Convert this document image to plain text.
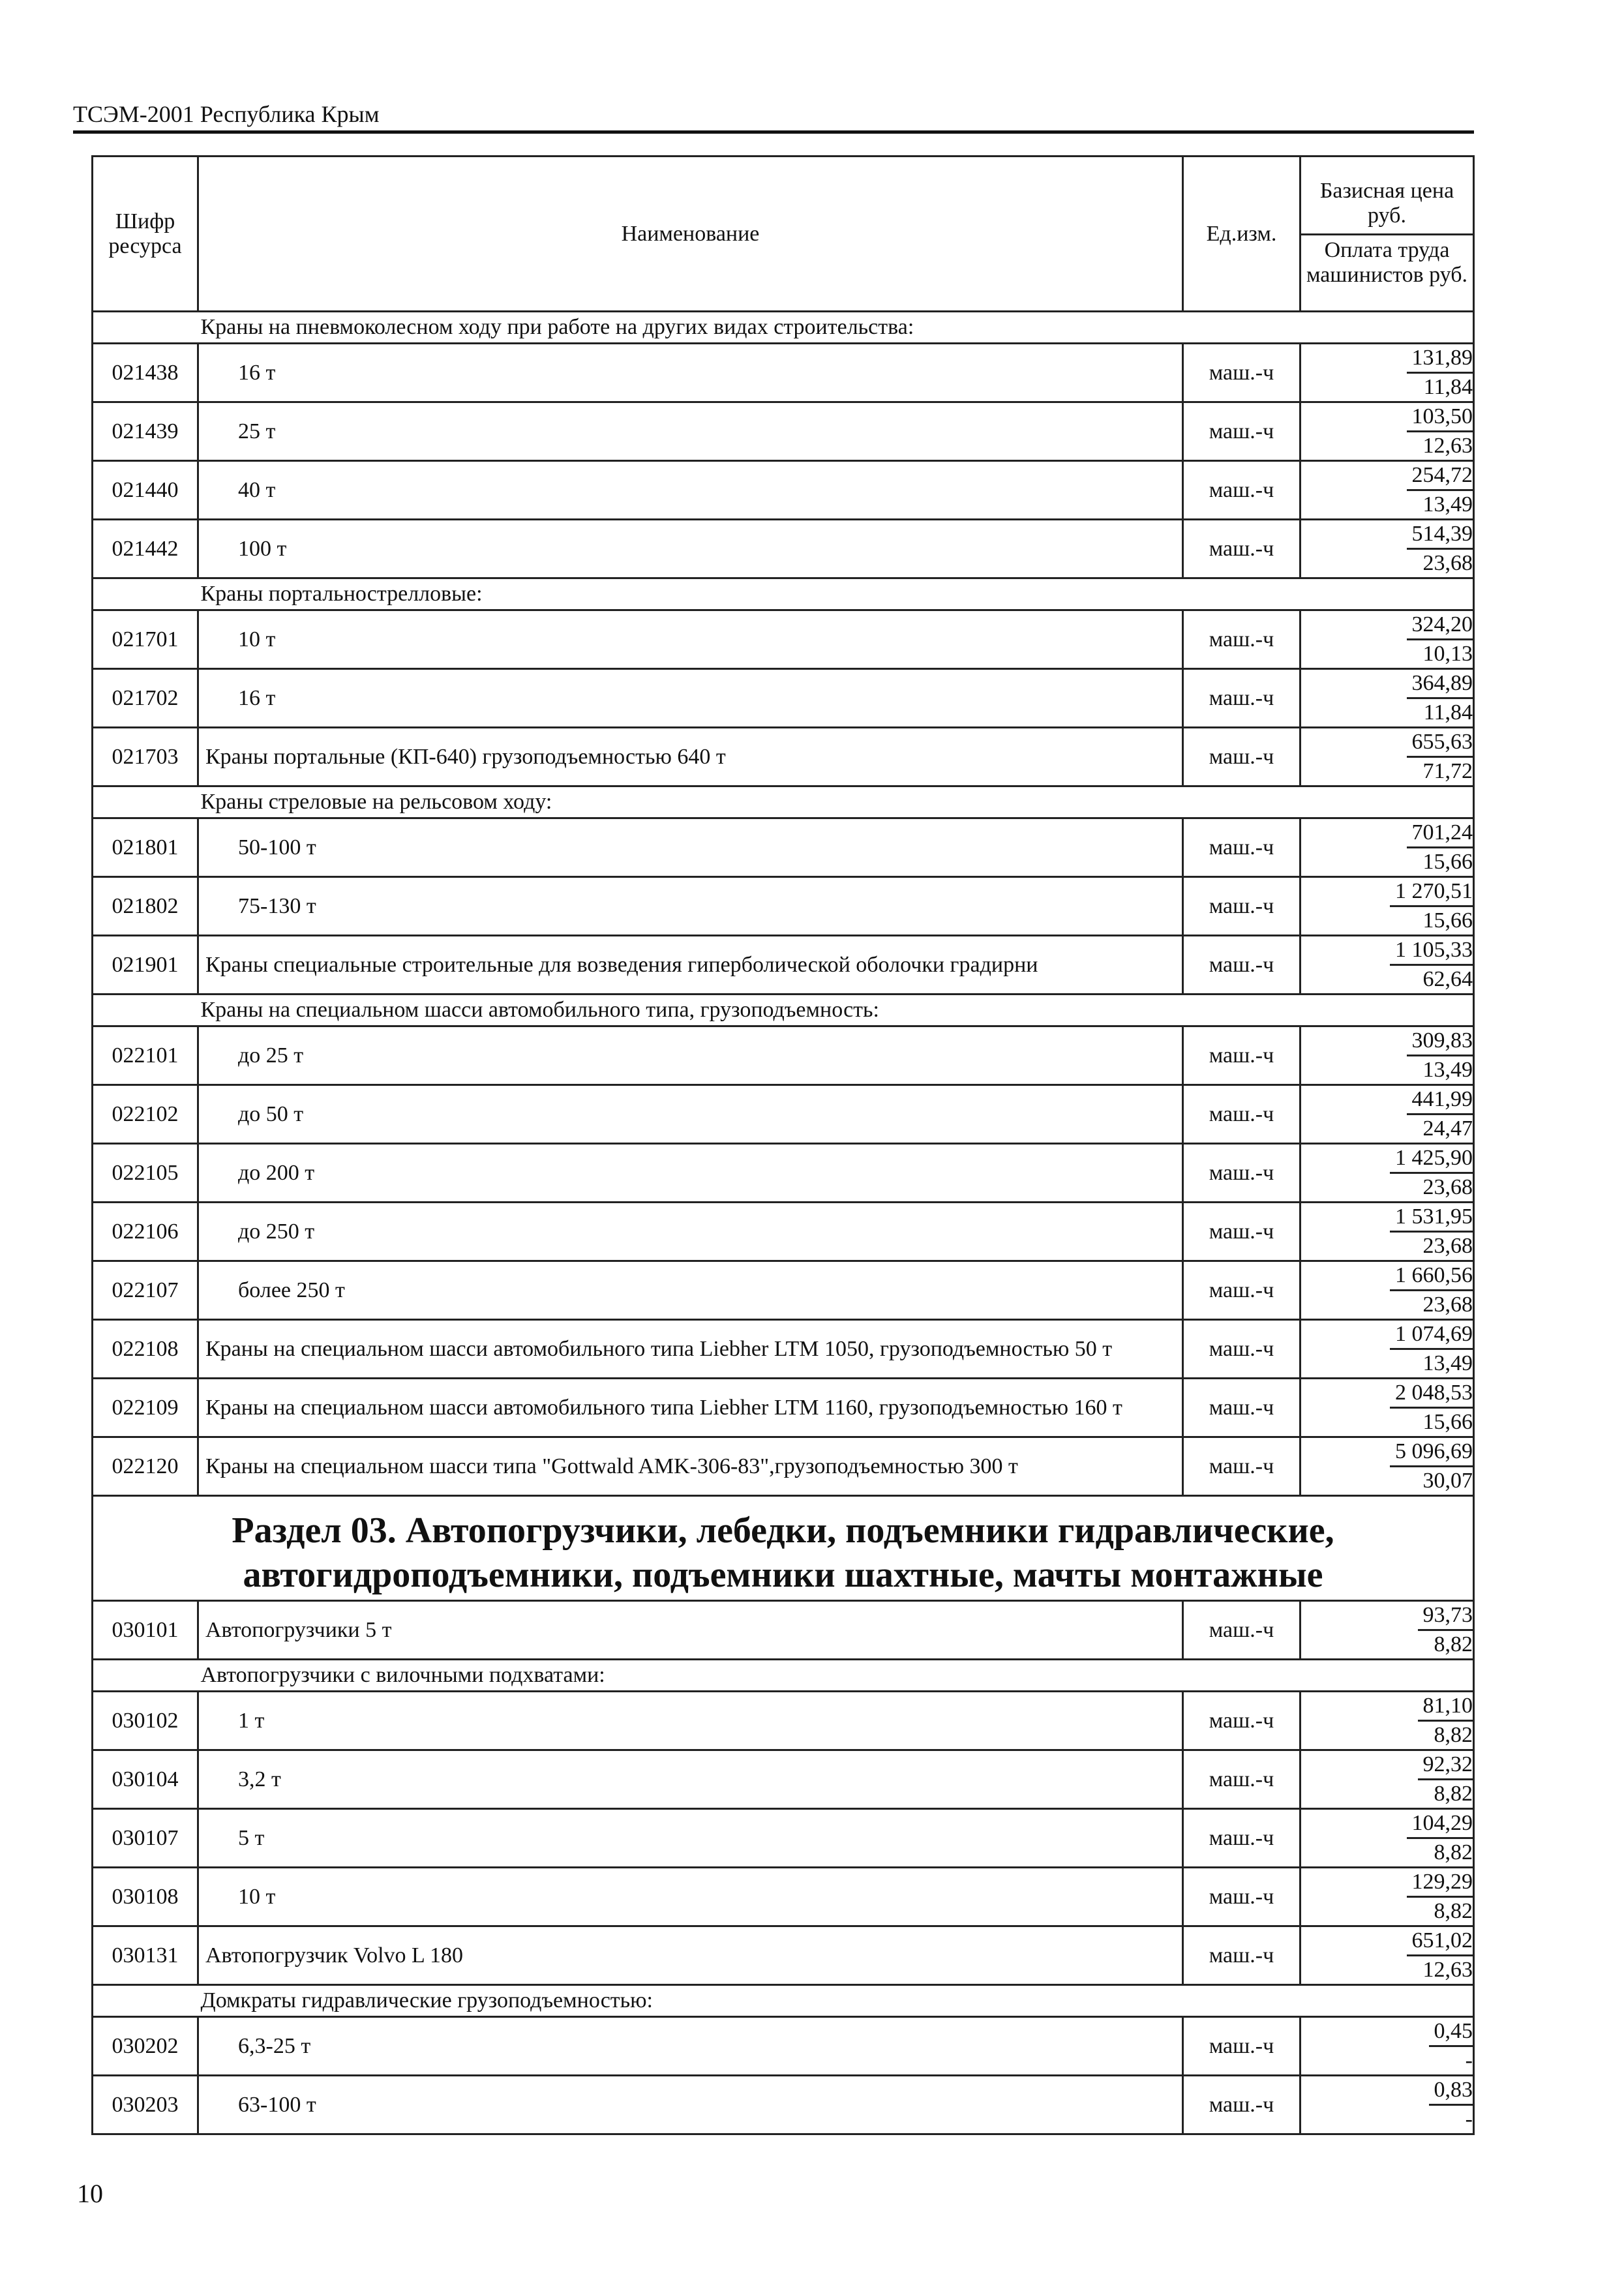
ТСЭМ-2001 Республика Крым
Шифр ресурса	Наименование	Ед.изм.	Базисная цена руб.
Оплата труда машинистов руб.

	Краны на пневмоколесном ходу при работе на других видах строительства:		
021438	16 т	маш.-ч	131,89
11,84

021439	25 т	маш.-ч	103,50
12,63

021440	40 т	маш.-ч	254,72
13,49

021442	100 т	маш.-ч	514,39
23,68

	Краны портальнострелловые:		
021701	10 т	маш.-ч	324,20
10,13

021702	16 т	маш.-ч	364,89
11,84

021703	Краны портальные (КП-640) грузоподъемностью 640 т	маш.-ч	655,63
71,72

	Краны стреловые на рельсовом ходу:		
021801	50-100 т	маш.-ч	701,24
15,66

021802	75-130 т	маш.-ч	1 270,51
15,66

021901	Краны специальные строительные для возведения гиперболической оболочки градирни	маш.-ч	1 105,33
62,64

	Краны на специальном шасси автомобильного типа, грузоподъемность:		
022101	до 25 т	маш.-ч	309,83
13,49

022102	до 50 т	маш.-ч	441,99
24,47

022105	до 200 т	маш.-ч	1 425,90
23,68

022106	до 250 т	маш.-ч	1 531,95
23,68

022107	более 250 т	маш.-ч	1 660,56
23,68

022108	Краны на специальном шасси автомобильного типа Liebher LTM 1050, грузоподъемностью 50 т	маш.-ч	1 074,69
13,49

022109	Краны на специальном шасси автомобильного типа Liebher LTM 1160, грузоподъемностью 160 т	маш.-ч	2 048,53
15,66

022120	Краны на специальном шасси типа "Gottwald AMK-306-83",грузоподъемностью 300 т	маш.-ч	5 096,69
30,07

Раздел 03. Автопогрузчики, лебедки, подъемники гидравлические, автогидроподъемники, подъемники шахтные, мачты монтажные			
030101	Автопогрузчики 5 т	маш.-ч	93,73
8,82

	Автопогрузчики с вилочными подхватами:		
030102	1 т	маш.-ч	81,10
8,82

030104	3,2 т	маш.-ч	92,32
8,82

030107	5 т	маш.-ч	104,29
8,82

030108	10 т	маш.-ч	129,29
8,82

030131	Автопогрузчик Volvo L 180	маш.-ч	651,02
12,63

	Домкраты гидравлические грузоподъемностью:		
030202	6,3-25 т	маш.-ч	0,45
-

030203	63-100 т	маш.-ч	0,83
-
10
